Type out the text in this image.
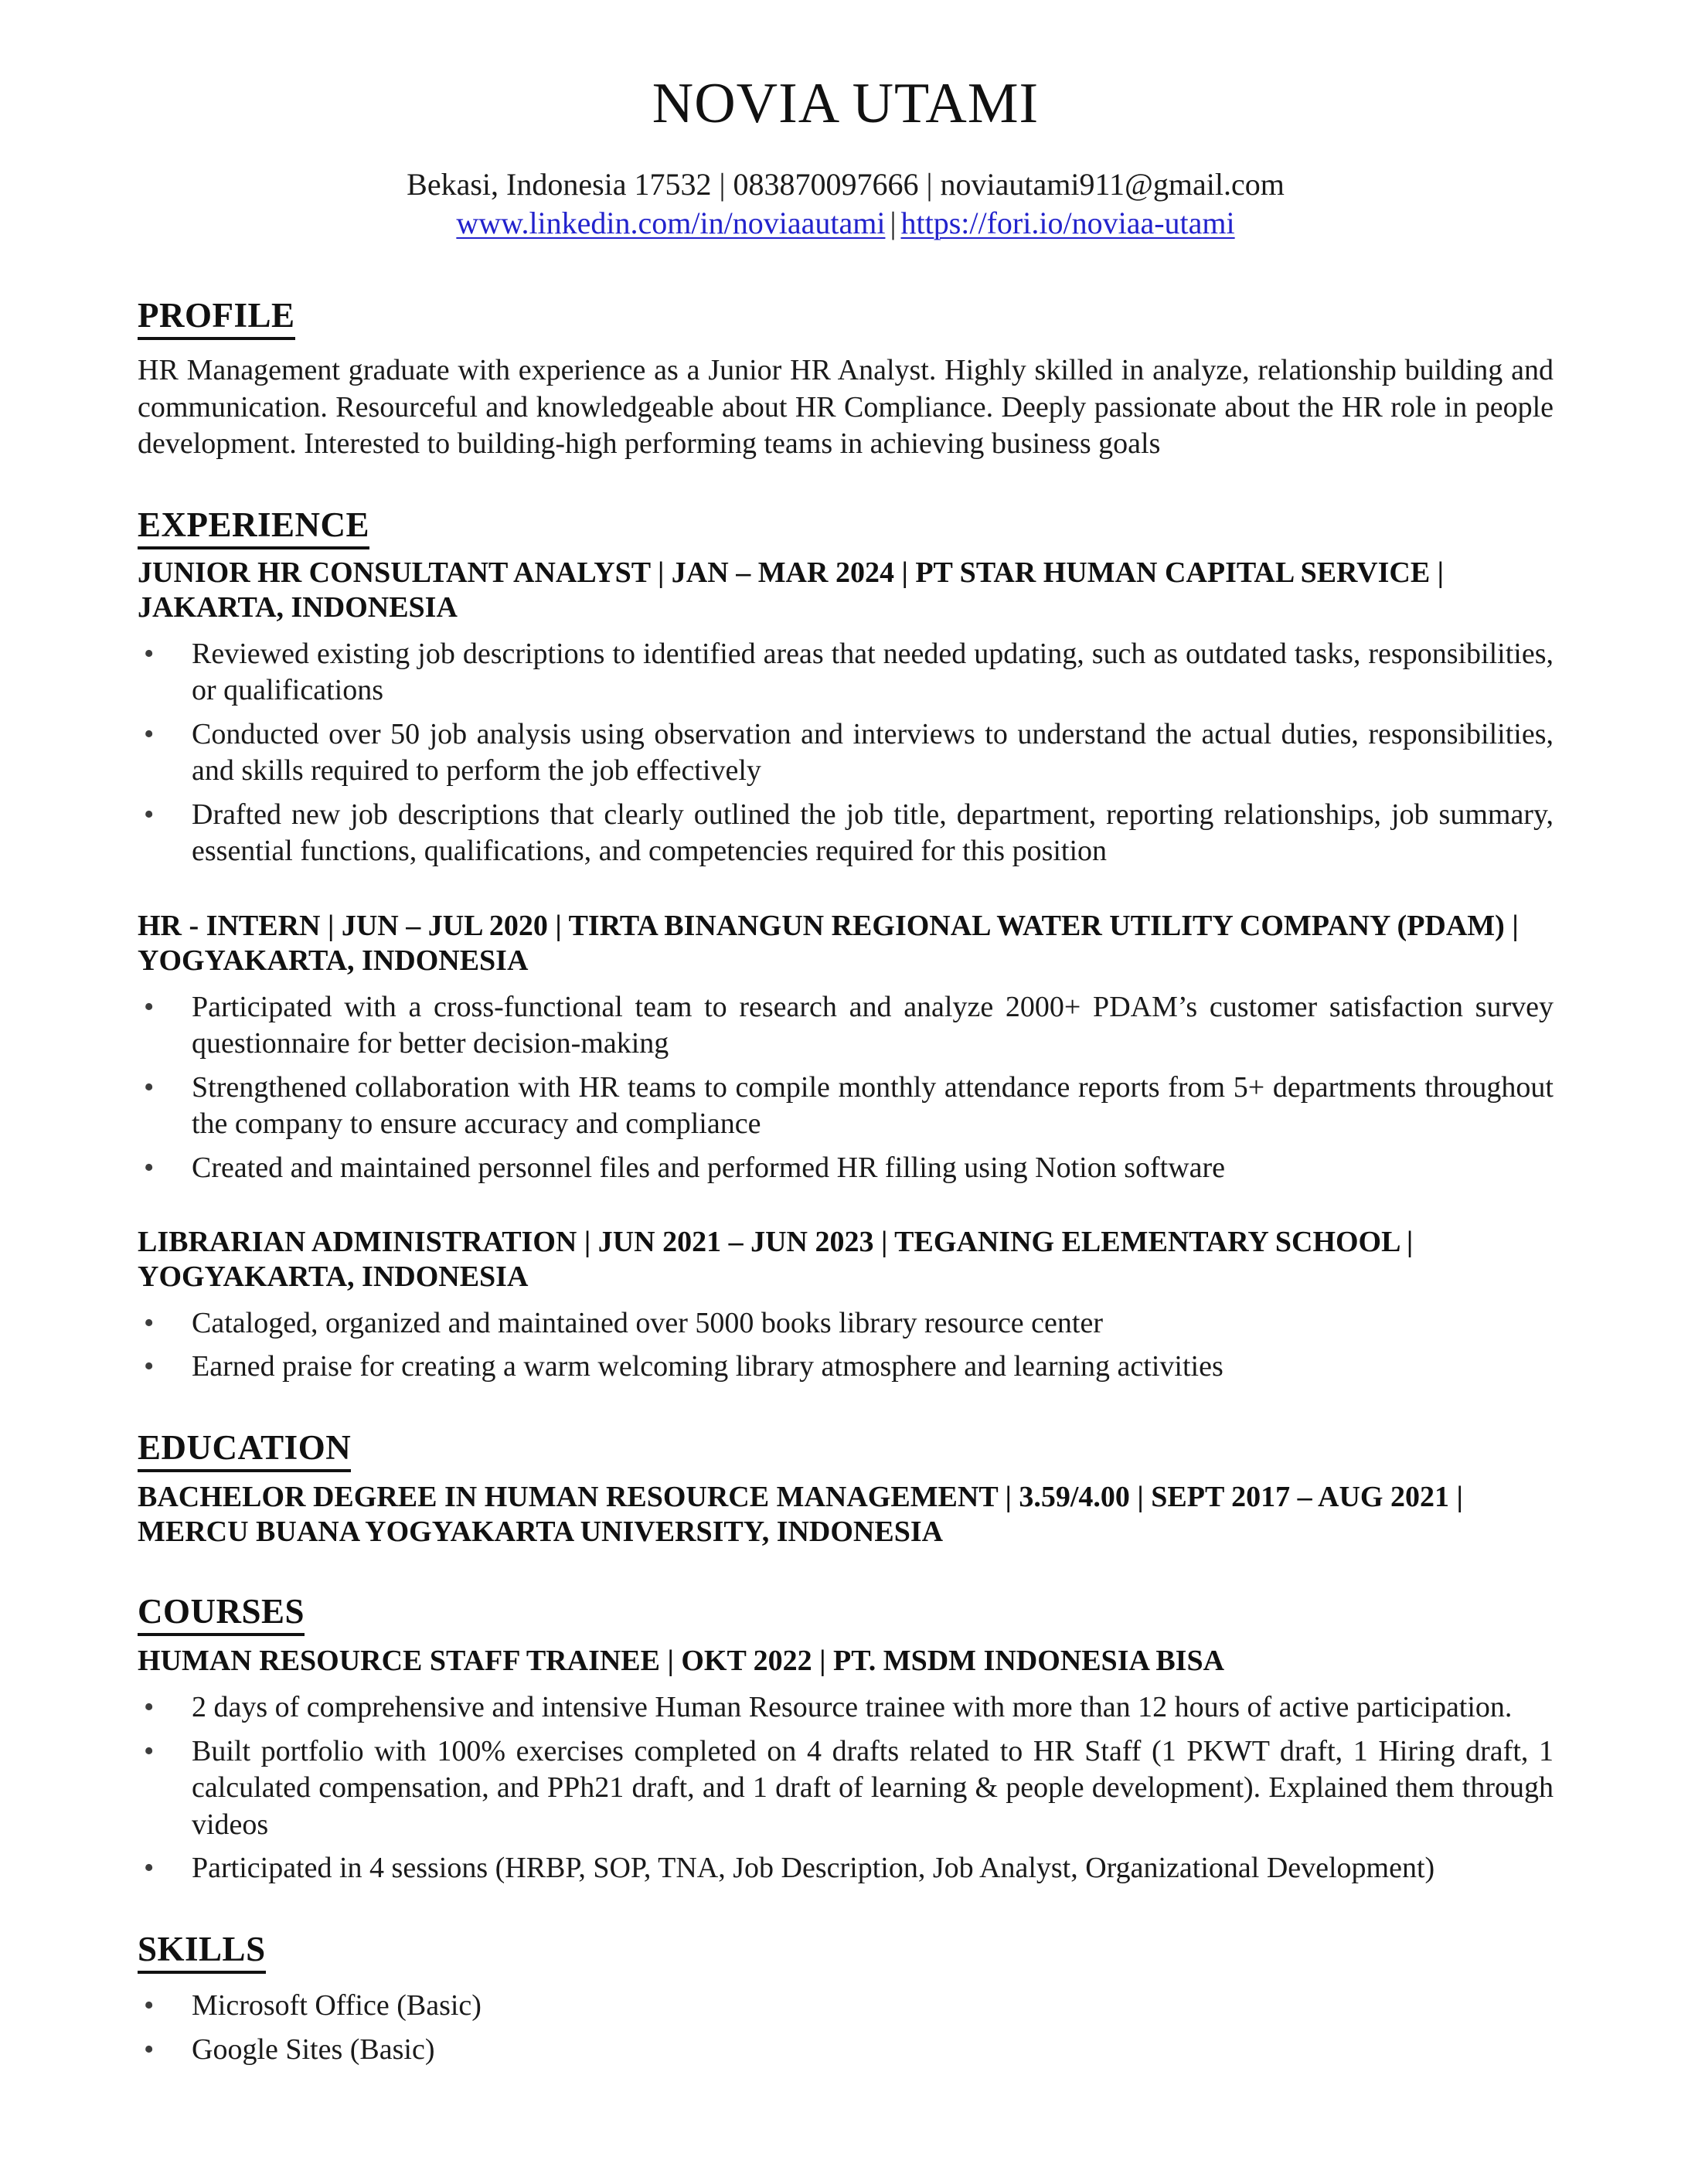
NOVIA UTAMI
Bekasi, Indonesia 17532 | 083870097666 | noviautami911@gmail.com
www.linkedin.com/in/noviaautami | https://fori.io/noviaa-utami
PROFILE
HR Management graduate with experience as a Junior HR Analyst. Highly skilled in analyze, relationship building and communication. Resourceful and knowledgeable about HR Compliance. Deeply passionate about the HR role in people development. Interested to building-high performing teams in achieving business goals
EXPERIENCE
JUNIOR HR CONSULTANT ANALYST | JAN – MAR 2024 | PT STAR HUMAN CAPITAL SERVICE | JAKARTA, INDONESIA
• Reviewed existing job descriptions to identified areas that needed updating, such as outdated tasks, responsibilities, or qualifications
• Conducted over 50 job analysis using observation and interviews to understand the actual duties, responsibilities, and skills required to perform the job effectively
• Drafted new job descriptions that clearly outlined the job title, department, reporting relationships, job summary, essential functions, qualifications, and competencies required for this position
HR - INTERN | JUN – JUL 2020 | TIRTA BINANGUN REGIONAL WATER UTILITY COMPANY (PDAM) | YOGYAKARTA, INDONESIA
• Participated with a cross-functional team to research and analyze 2000+ PDAM’s customer satisfaction survey questionnaire for better decision-making
• Strengthened collaboration with HR teams to compile monthly attendance reports from 5+ departments throughout the company to ensure accuracy and compliance
• Created and maintained personnel files and performed HR filling using Notion software
LIBRARIAN ADMINISTRATION | JUN 2021 – JUN 2023 | TEGANING ELEMENTARY SCHOOL | YOGYAKARTA, INDONESIA
• Cataloged, organized and maintained over 5000 books library resource center
• Earned praise for creating a warm welcoming library atmosphere and learning activities
EDUCATION
BACHELOR DEGREE IN HUMAN RESOURCE MANAGEMENT | 3.59/4.00 | SEPT 2017 – AUG 2021 | MERCU BUANA YOGYAKARTA UNIVERSITY, INDONESIA
COURSES
HUMAN RESOURCE STAFF TRAINEE | OKT 2022 | PT. MSDM INDONESIA BISA
• 2 days of comprehensive and intensive Human Resource trainee with more than 12 hours of active participation.
• Built portfolio with 100% exercises completed on 4 drafts related to HR Staff (1 PKWT draft, 1 Hiring draft, 1 calculated compensation, and PPh21 draft, and 1 draft of learning & people development). Explained them through videos
• Participated in 4 sessions (HRBP, SOP, TNA, Job Description, Job Analyst, Organizational Development)
SKILLS
• Microsoft Office (Basic)
• Google Sites (Basic)
